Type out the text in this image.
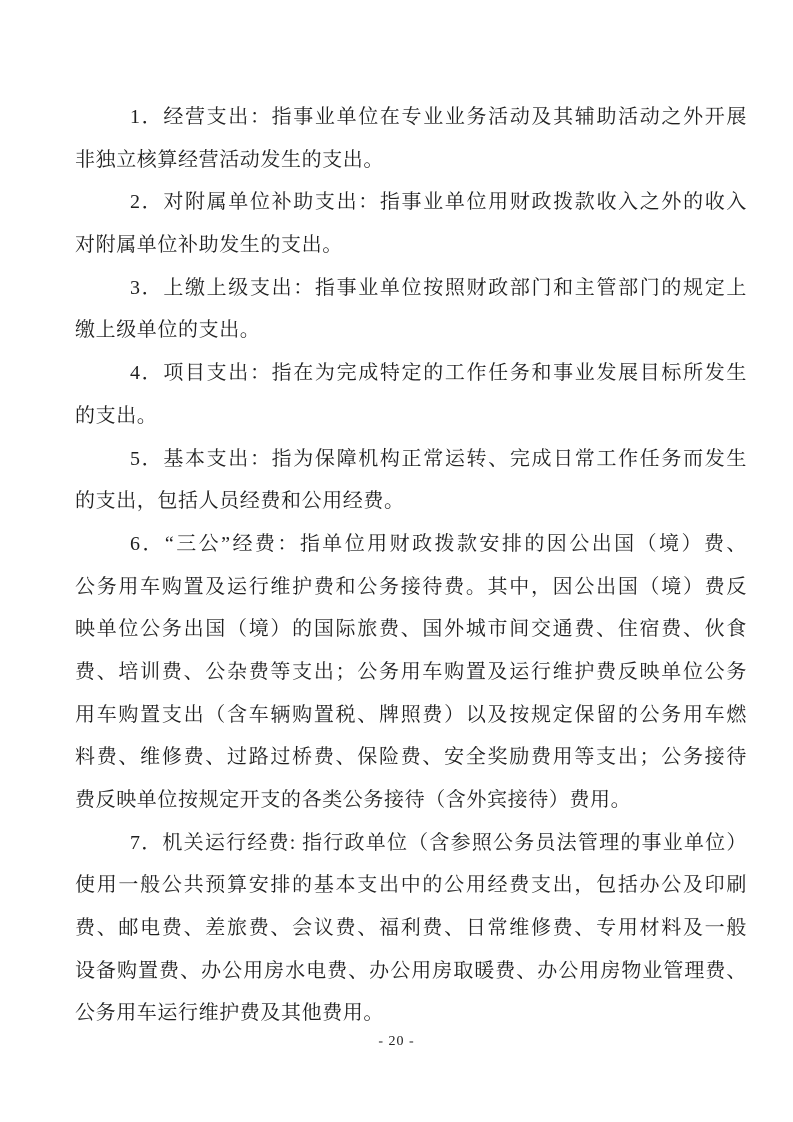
1．经营支出：指事业单位在专业业务活动及其辅助活动之外开展
非独立核算经营活动发生的支出。
2．对附属单位补助支出：指事业单位用财政拨款收入之外的收入
对附属单位补助发生的支出。
3．上缴上级支出：指事业单位按照财政部门和主管部门的规定上
缴上级单位的支出。
4．项目支出：指在为完成特定的工作任务和事业发展目标所发生
的支出。
5．基本支出：指为保障机构正常运转、完成日常工作任务而发生
的支出，包括人员经费和公用经费。
6．“三公”经费：指单位用财政拨款安排的因公出国（境）费、
公务用车购置及运行维护费和公务接待费。其中，因公出国（境）费反
映单位公务出国（境）的国际旅费、国外城市间交通费、住宿费、伙食
费、培训费、公杂费等支出；公务用车购置及运行维护费反映单位公务
用车购置支出（含车辆购置税、牌照费）以及按规定保留的公务用车燃
料费、维修费、过路过桥费、保险费、安全奖励费用等支出；公务接待
费反映单位按规定开支的各类公务接待（含外宾接待）费用。
7．机关运行经费: 指行政单位（含参照公务员法管理的事业单位）
使用一般公共预算安排的基本支出中的公用经费支出，包括办公及印刷
费、邮电费、差旅费、会议费、福利费、日常维修费、专用材料及一般
设备购置费、办公用房水电费、办公用房取暖费、办公用房物业管理费、
公务用车运行维护费及其他费用。
- 20 -
